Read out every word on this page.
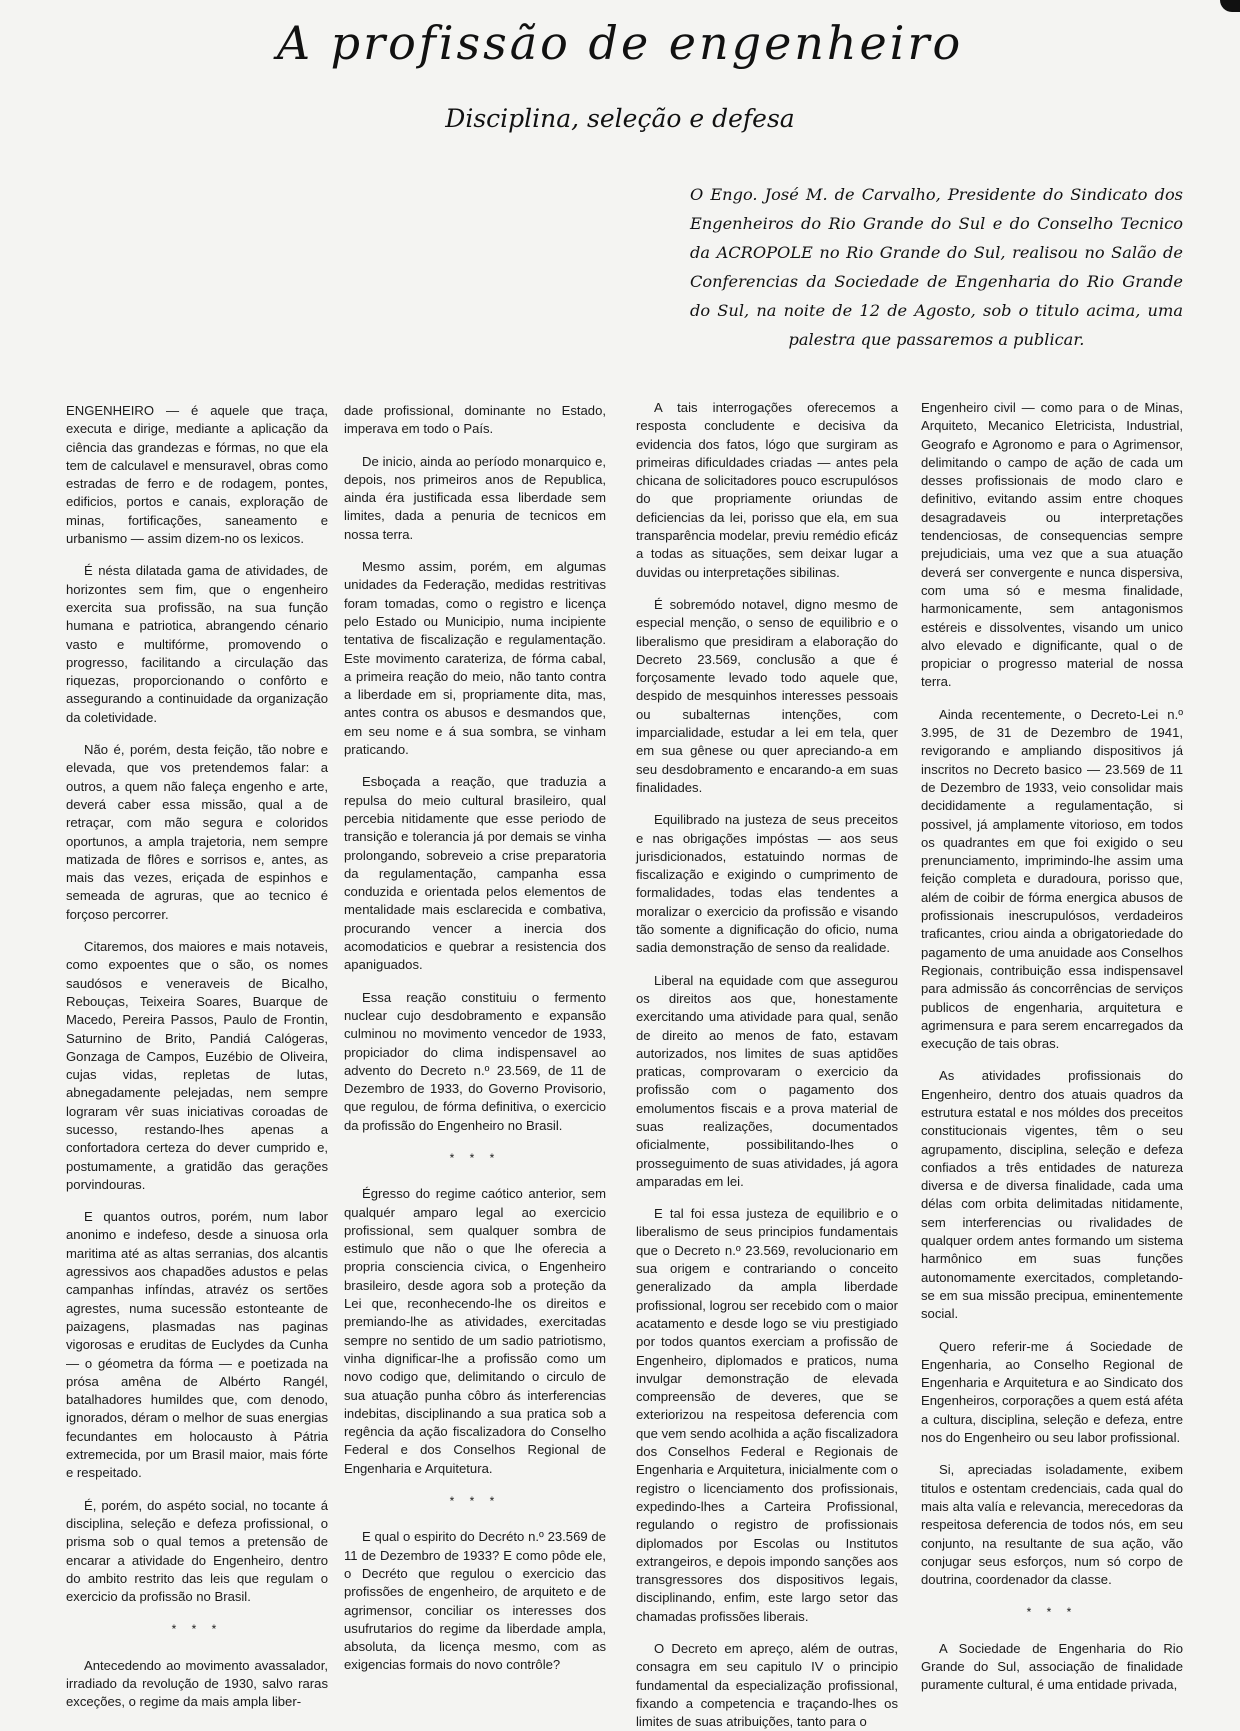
A profissão de engenheiro
Disciplina, seleção e defesa
O Engo. José M. de Carvalho, Presidente do Sindicato dos Engenheiros do Rio Grande do Sul e do Conselho Tecnico da ACROPOLE no Rio Grande do Sul, realisou no Salão de Conferencias da Sociedade de Engenharia do Rio Grande do Sul, na noite de 12 de Agosto, sob o titulo acima, uma palestra que passaremos a publicar.

ENGENHEIRO — é aquele que traça, executa e dirige, mediante a aplicação da ciência das grandezas e fórmas, no que ela tem de calculavel e mensuravel, obras como estradas de ferro e de rodagem, pontes, edificios, portos e canais, exploração de minas, fortificações, saneamento e urbanismo — assim dizem-no os lexicos.

É nésta dilatada gama de atividades, de horizontes sem fim, que o engenheiro exercita sua profissão, na sua função humana e patriotica, abrangendo cénario vasto e multifórme, promovendo o progresso, facilitando a circulação das riquezas, proporcionando o confôrto e assegurando a continuidade da organização da coletividade.

Não é, porém, desta feição, tão nobre e elevada, que vos pretendemos falar: a outros, a quem não faleça engenho e arte, deverá caber essa missão, qual a de retraçar, com mão segura e coloridos oportunos, a ampla trajetoria, nem sempre matizada de flôres e sorrisos e, antes, as mais das vezes, eriçada de espinhos e semeada de agruras, que ao tecnico é forçoso percorrer.

Citaremos, dos maiores e mais notaveis, como expoentes que o são, os nomes saudósos e veneraveis de Bicalho, Rebouças, Teixeira Soares, Buarque de Macedo, Pereira Passos, Paulo de Frontin, Saturnino de Brito, Pandiá Calógeras, Gonzaga de Campos, Euzébio de Oliveira, cujas vidas, repletas de lutas, abnegadamente pelejadas, nem sempre lograram vêr suas iniciativas coroadas de sucesso, restando-lhes apenas a confortadora certeza do dever cumprido e, postumamente, a gratidão das gerações porvindouras.

E quantos outros, porém, num labor anonimo e indefeso, desde a sinuosa orla maritima até as altas serranias, dos alcantis agressivos aos chapadões adustos e pelas campanhas infíndas, atravéz os sertões agrestes, numa sucessão estonteante de paizagens, plasmadas nas paginas vigorosas e eruditas de Euclydes da Cunha — o géometra da fórma — e poetizada na prósa amêna de Albérto Rangél, batalhadores humildes que, com denodo, ignorados, déram o melhor de suas energias fecundantes em holocausto à Pátria extremecida, por um Brasil maior, mais fórte e respeitado.

É, porém, do aspéto social, no tocante á disciplina, seleção e defeza profissional, o prisma sob o qual temos a pretensão de encarar a atividade do Engenheiro, dentro do ambito restrito das leis que regulam o exercicio da profissão no Brasil.

* * *

Antecedendo ao movimento avassalador, irradiado da revolução de 1930, salvo raras exceções, o regime da mais ampla liber-

dade profissional, dominante no Estado, imperava em todo o País.

De inicio, ainda ao período monarquico e, depois, nos primeiros anos de Republica, ainda éra justificada essa liberdade sem limites, dada a penuria de tecnicos em nossa terra.

Mesmo assim, porém, em algumas unidades da Federação, medidas restritivas foram tomadas, como o registro e licença pelo Estado ou Municipio, numa incipiente tentativa de fiscalização e regulamentação. Este movimento carateriza, de fórma cabal, a primeira reação do meio, não tanto contra a liberdade em si, propriamente dita, mas, antes contra os abusos e desmandos que, em seu nome e á sua sombra, se vinham praticando.

Esboçada a reação, que traduzia a repulsa do meio cultural brasileiro, qual percebia nitidamente que esse periodo de transição e tolerancia já por demais se vinha prolongando, sobreveio a crise preparatoria da regulamentação, campanha essa conduzida e orientada pelos elementos de mentalidade mais esclarecida e combativa, procurando vencer a inercia dos acomodaticios e quebrar a resistencia dos apaniguados.

Essa reação constituiu o fermento nuclear cujo desdobramento e expansão culminou no movimento vencedor de 1933, propiciador do clima indispensavel ao advento do Decreto n.º 23.569, de 11 de Dezembro de 1933, do Governo Provisorio, que regulou, de fórma definitiva, o exercicio da profissão do Engenheiro no Brasil.

* * *

Égresso do regime caótico anterior, sem qualquér amparo legal ao exercicio profissional, sem qualquer sombra de estimulo que não o que lhe oferecia a propria consciencia civica, o Engenheiro brasileiro, desde agora sob a proteção da Lei que, reconhecendo-lhe os direitos e premiando-lhe as atividades, exercitadas sempre no sentido de um sadio patriotismo, vinha dignificar-lhe a profissão como um novo codigo que, delimitando o circulo de sua atuação punha côbro ás interferencias indebitas, disciplinando a sua pratica sob a regência da ação fiscalizadora do Conselho Federal e dos Conselhos Regional de Engenharia e Arquitetura.

* * *

E qual o espirito do Decréto n.º 23.569 de 11 de Dezembro de 1933? E como pôde ele, o Decréto que regulou o exercicio das profissões de engenheiro, de arquiteto e de agrimensor, conciliar os interesses dos usufrutarios do regime da liberdade ampla, absoluta, da licença mesmo, com as exigencias formais do novo contrôle?

A tais interrogações oferecemos a resposta concludente e decisiva da evidencia dos fatos, lógo que surgiram as primeiras dificuldades criadas — antes pela chicana de solicitadores pouco escrupulósos do que propriamente oriundas de deficiencias da lei, porisso que ela, em sua transparência modelar, previu remédio eficáz a todas as situações, sem deixar lugar a duvidas ou interpretações sibilinas.

É sobremódo notavel, digno mesmo de especial menção, o senso de equilibrio e o liberalismo que presidiram a elaboração do Decreto 23.569, conclusão a que é forçosamente levado todo aquele que, despido de mesquinhos interesses pessoais ou subalternas intenções, com imparcialidade, estudar a lei em tela, quer em sua gênese ou quer apreciando-a em seu desdobramento e encarando-a em suas finalidades.

Equilibrado na justeza de seus preceitos e nas obrigações impóstas — aos seus jurisdicionados, estatuindo normas de fiscalização e exigindo o cumprimento de formalidades, todas elas tendentes a moralizar o exercicio da profissão e visando tão somente a dignificação do oficio, numa sadia demonstração de senso da realidade.

Liberal na equidade com que assegurou os direitos aos que, honestamente exercitando uma atividade para qual, senão de direito ao menos de fato, estavam autorizados, nos limites de suas aptidões praticas, comprovaram o exercicio da profissão com o pagamento dos emolumentos fiscais e a prova material de suas realizações, documentados oficialmente, possibilitando-lhes o prosseguimento de suas atividades, já agora amparadas em lei.

E tal foi essa justeza de equilibrio e o liberalismo de seus principios fundamentais que o Decreto n.º 23.569, revolucionario em sua origem e contrariando o conceito generalizado da ampla liberdade profissional, logrou ser recebido com o maior acatamento e desde logo se viu prestigiado por todos quantos exerciam a profissão de Engenheiro, diplomados e praticos, numa invulgar demonstração de elevada compreensão de deveres, que se exteriorizou na respeitosa deferencia com que vem sendo acolhida a ação fiscalizadora dos Conselhos Federal e Regionais de Engenharia e Arquitetura, inicialmente com o registro o licenciamento dos profissionais, expedindo-lhes a Carteira Profissional, regulando o registro de profissionais diplomados por Escolas ou Institutos extrangeiros, e depois impondo sanções aos transgressores dos dispositivos legais, disciplinando, enfim, este largo setor das chamadas profissões liberais.

O Decreto em apreço, além de outras, consagra em seu capitulo IV o principio fundamental da especialização profissional, fixando a competencia e traçando-lhes os limites de suas atribuições, tanto para o

Engenheiro civil — como para o de Minas, Arquiteto, Mecanico Eletricista, Industrial, Geografo e Agronomo e para o Agrimensor, delimitando o campo de ação de cada um desses profissionais de modo claro e definitivo, evitando assim entre choques desagradaveis ou interpretações tendenciosas, de consequencias sempre prejudiciais, uma vez que a sua atuação deverá ser convergente e nunca dispersiva, com uma só e mesma finalidade, harmonicamente, sem antagonismos estéreis e dissolventes, visando um unico alvo elevado e dignificante, qual o de propiciar o progresso material de nossa terra.

Ainda recentemente, o Decreto-Lei n.º 3.995, de 31 de Dezembro de 1941, revigorando e ampliando dispositivos já inscritos no Decreto basico — 23.569 de 11 de Dezembro de 1933, veio consolidar mais decididamente a regulamentação, si possivel, já amplamente vitorioso, em todos os quadrantes em que foi exigido o seu prenunciamento, imprimindo-lhe assim uma feição completa e duradoura, porisso que, além de coibir de fórma energica abusos de profissionais inescrupulósos, verdadeiros traficantes, criou ainda a obrigatoriedade do pagamento de uma anuidade aos Conselhos Regionais, contribuição essa indispensavel para admissão ás concorrências de serviços publicos de engenharia, arquitetura e agrimensura e para serem encarregados da execução de tais obras.

As atividades profissionais do Engenheiro, dentro dos atuais quadros da estrutura estatal e nos móldes dos preceitos constitucionais vigentes, têm o seu agrupamento, disciplina, seleção e defeza confiados a três entidades de natureza diversa e de diversa finalidade, cada uma délas com orbita delimitadas nitidamente, sem interferencias ou rivalidades de qualquer ordem antes formando um sistema harmônico em suas funções autonomamente exercitados, completando-se em sua missão precipua, eminentemente social.

Quero referir-me á Sociedade de Engenharia, ao Conselho Regional de Engenharia e Arquitetura e ao Sindicato dos Engenheiros, corporações a quem está aféta a cultura, disciplina, seleção e defeza, entre nos do Engenheiro ou seu labor profissional.

Si, apreciadas isoladamente, exibem titulos e ostentam credenciais, cada qual do mais alta valía e relevancia, merecedoras da respeitosa deferencia de todos nós, em seu conjunto, na resultante de sua ação, vão conjugar seus esforços, num só corpo de doutrina, coordenador da classe.

* * *

A Sociedade de Engenharia do Rio Grande do Sul, associação de finalidade puramente cultural, é uma entidade privada,
